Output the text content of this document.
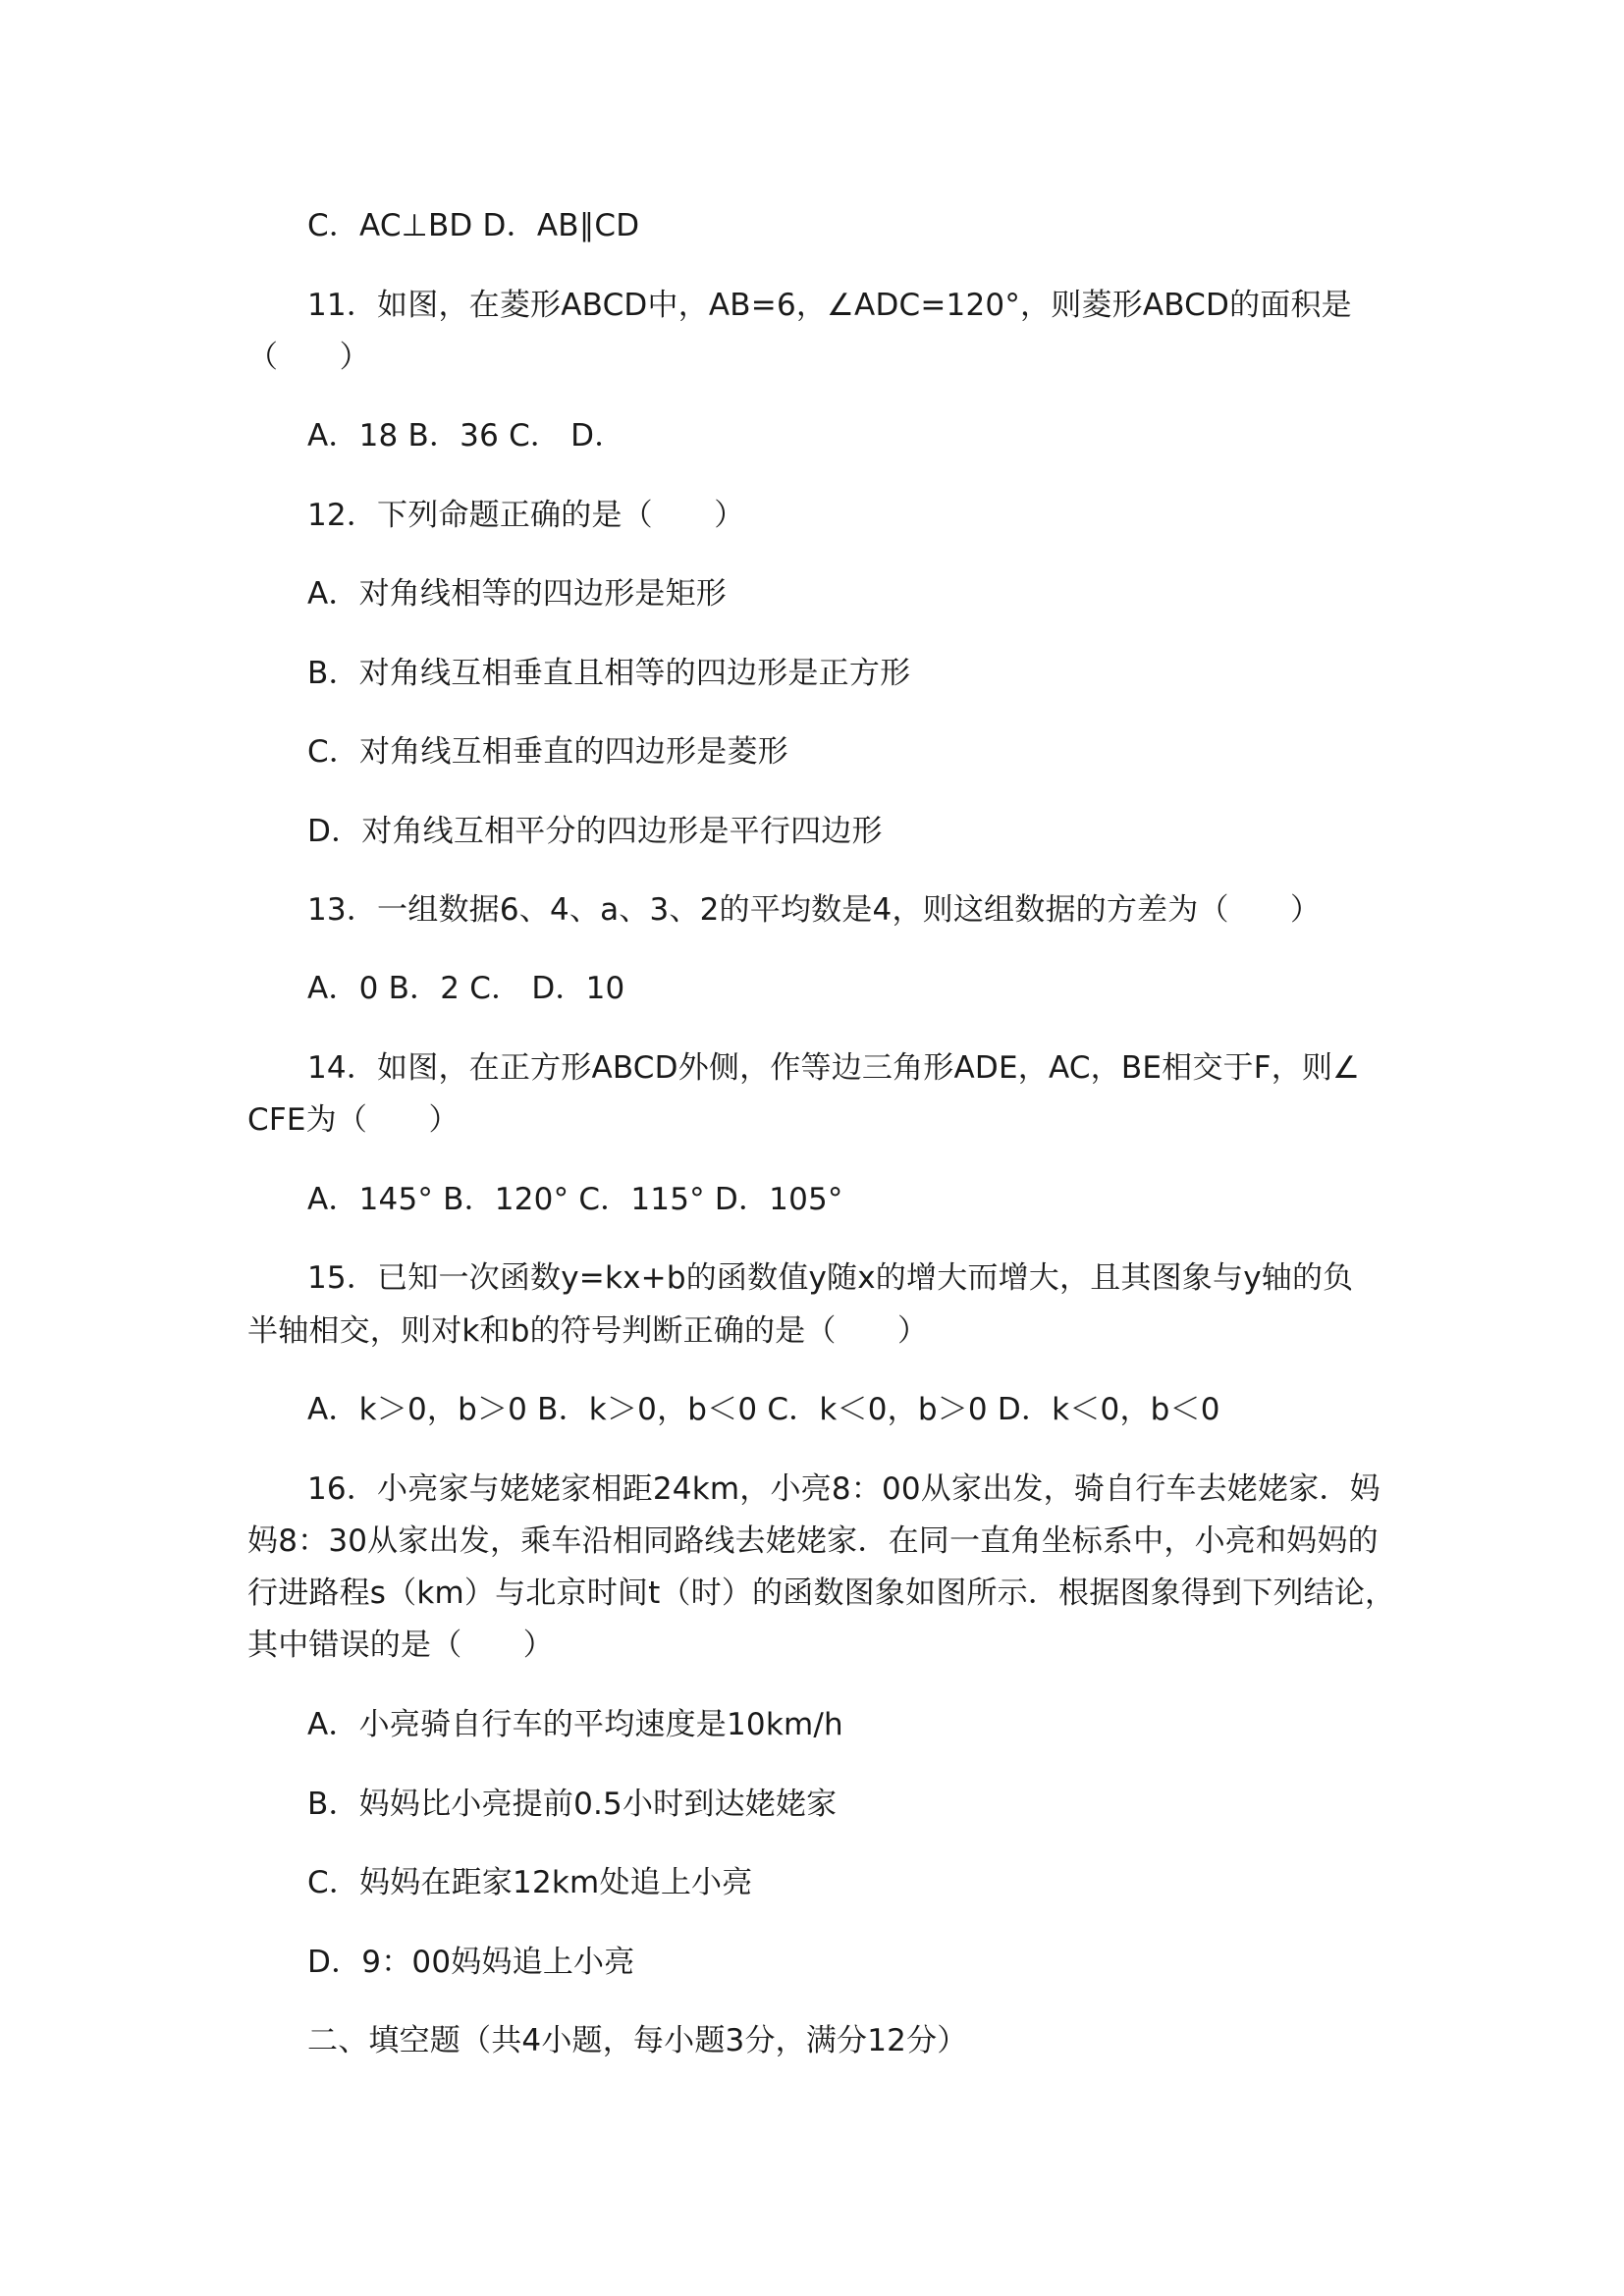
C．AC⊥BD D．AB∥CD
11．如图，在菱形ABCD中，AB=6，∠ADC=120°，则菱形ABCD的面积是
（　　）
A．18 B．36 C． D．
12．下列命题正确的是（　　）
A．对角线相等的四边形是矩形
B．对角线互相垂直且相等的四边形是正方形
C．对角线互相垂直的四边形是菱形
D．对角线互相平分的四边形是平行四边形
13．一组数据6、4、a、3、2的平均数是4，则这组数据的方差为（　　）
A．0 B．2 C． D．10
14．如图，在正方形ABCD外侧，作等边三角形ADE，AC，BE相交于F，则∠
CFE为（　　）
A．145° B．120° C．115° D．105°
15．已知一次函数y=kx+b的函数值y随x的增大而增大，且其图象与y轴的负
半轴相交，则对k和b的符号判断正确的是（　　）
A．k＞0，b＞0 B．k＞0，b＜0 C．k＜0，b＞0 D．k＜0，b＜0
16．小亮家与姥姥家相距24km，小亮8：00从家出发，骑自行车去姥姥家．妈
妈8：30从家出发，乘车沿相同路线去姥姥家．在同一直角坐标系中，小亮和妈妈的
行进路程s（km）与北京时间t（时）的函数图象如图所示．根据图象得到下列结论，
其中错误的是（　　）
A．小亮骑自行车的平均速度是10km/h
B．妈妈比小亮提前0.5小时到达姥姥家
C．妈妈在距家12km处追上小亮
D．9：00妈妈追上小亮
二、填空题（共4小题，每小题3分，满分12分）
